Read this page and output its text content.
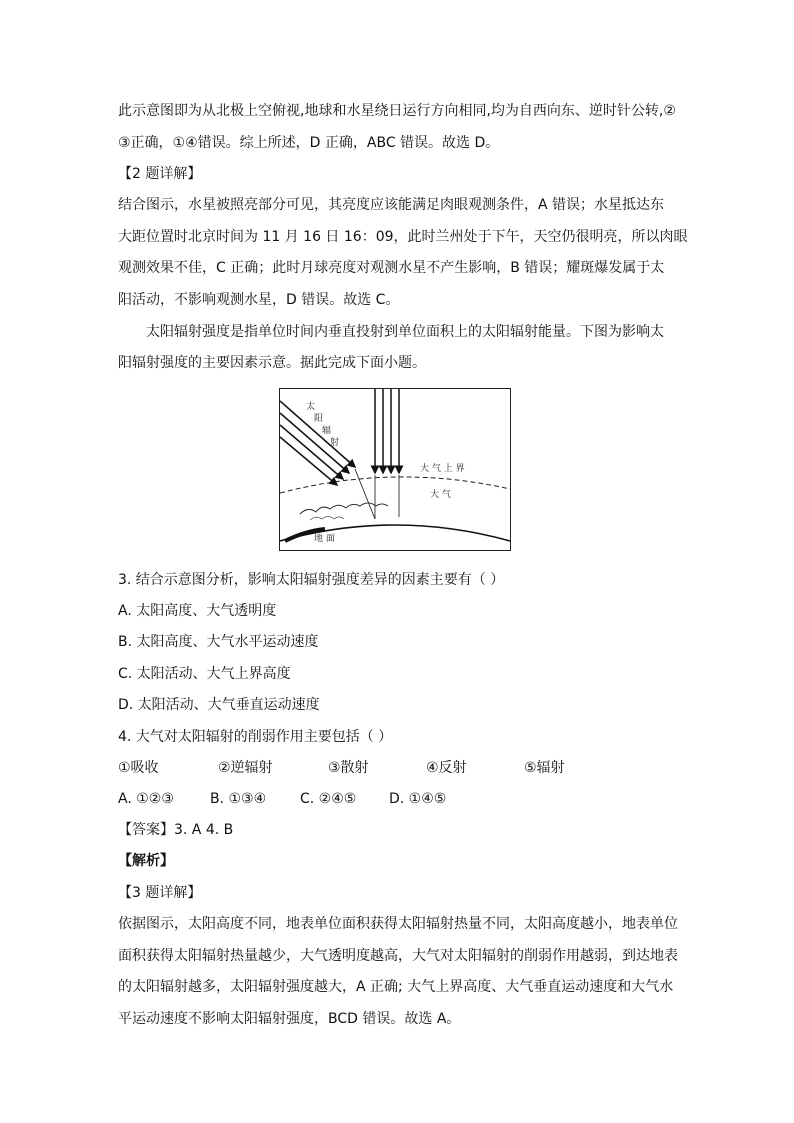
此示意图即为从北极上空俯视,地球和水星绕日运行方向相同,均为自西向东、逆时针公转,②
③正确，①④错误。综上所述，D 正确，ABC 错误。故选 D。
【2 题详解】
结合图示，水星被照亮部分可见，其亮度应该能满足肉眼观测条件，A 错误；水星抵达东
大距位置时北京时间为 11 月 16 日 16：09，此时兰州处于下午，天空仍很明亮，所以肉眼
观测效果不佳，C 正确；此时月球亮度对观测水星不产生影响，B 错误；耀斑爆发属于太
阳活动，不影响观测水星，D 错误。故选 C。
太阳辐射强度是指单位时间内垂直投射到单位面积上的太阳辐射能量。下图为影响太
阳辐射强度的主要因素示意。据此完成下面小题。
太
阳
辐
射
大 气 上 界
大 气
地 面
3. 结合示意图分析，影响太阳辐射强度差异的因素主要有（ ）
A. 太阳高度、大气透明度
B. 太阳高度、大气水平运动速度
C. 太阳活动、大气上界高度
D. 太阳活动、大气垂直运动速度
4. 大气对太阳辐射的削弱作用主要包括（ ）
①吸收	②逆辐射	③散射	④反射	⑤辐射
A. ①②③	B. ①③④ C. ②④⑤ D. ①④⑤
【答案】3. A 4. B
【解析】
【3 题详解】
依据图示，太阳高度不同，地表单位面积获得太阳辐射热量不同，太阳高度越小，地表单位
面积获得太阳辐射热量越少，大气透明度越高，大气对太阳辐射的削弱作用越弱，到达地表
的太阳辐射越多，太阳辐射强度越大，A 正确; 大气上界高度、大气垂直运动速度和大气水
平运动速度不影响太阳辐射强度，BCD 错误。故选 A。
